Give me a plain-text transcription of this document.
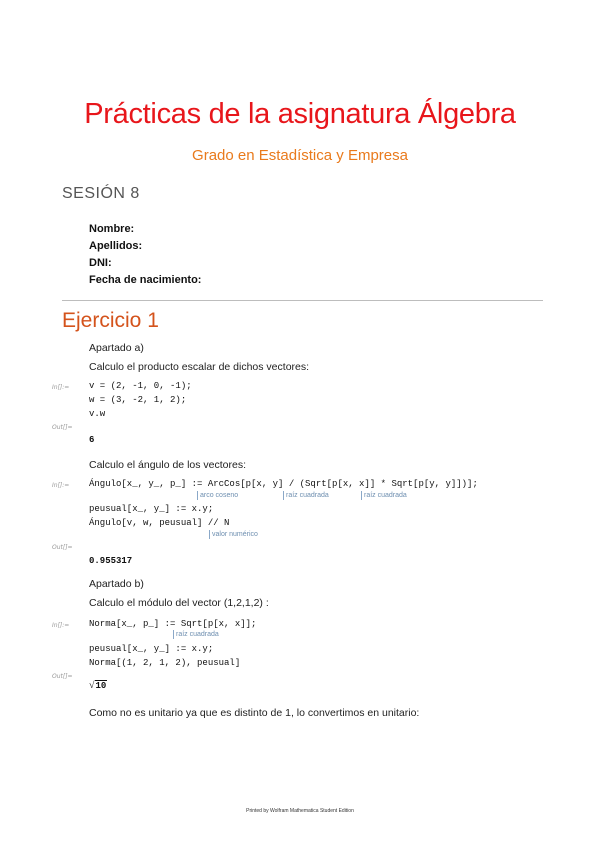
Prácticas de la asignatura Álgebra
Grado en Estadística y Empresa
SESIÓN 8
Nombre:
Apellidos:
DNI:
Fecha de nacimiento:
Ejercicio 1
Apartado a)
Calculo el producto escalar de dichos vectores:
In[]:= v = (2, -1, 0, -1);
w = (3, -2, 1, 2);
v.w
Out[]=
6
Calculo el ángulo de los vectores:
In[]:= Ángulo[x_, y_, p_] := ArcCos[p[x, y] / (Sqrt[p[x, x]] * Sqrt[p[y, y]])];
arco coseno	raíz cuadrada	raíz cuadrada
peusual[x_, y_] := x.y;
Ángulo[v, w, peusual] // N
valor numérico
Out[]=
0.955317
Apartado b)
Calculo el módulo del vector (1,2,1,2) :
In[]:= Norma[x_, p_] := Sqrt[p[x, x]];
raíz cuadrada
peusual[x_, y_] := x.y;
Norma[(1, 2, 1, 2), peusual]
Out[]=
√10
Como no es unitario ya que es distinto de 1, lo convertimos en unitario:
Printed by Wolfram Mathematica Student Edition
